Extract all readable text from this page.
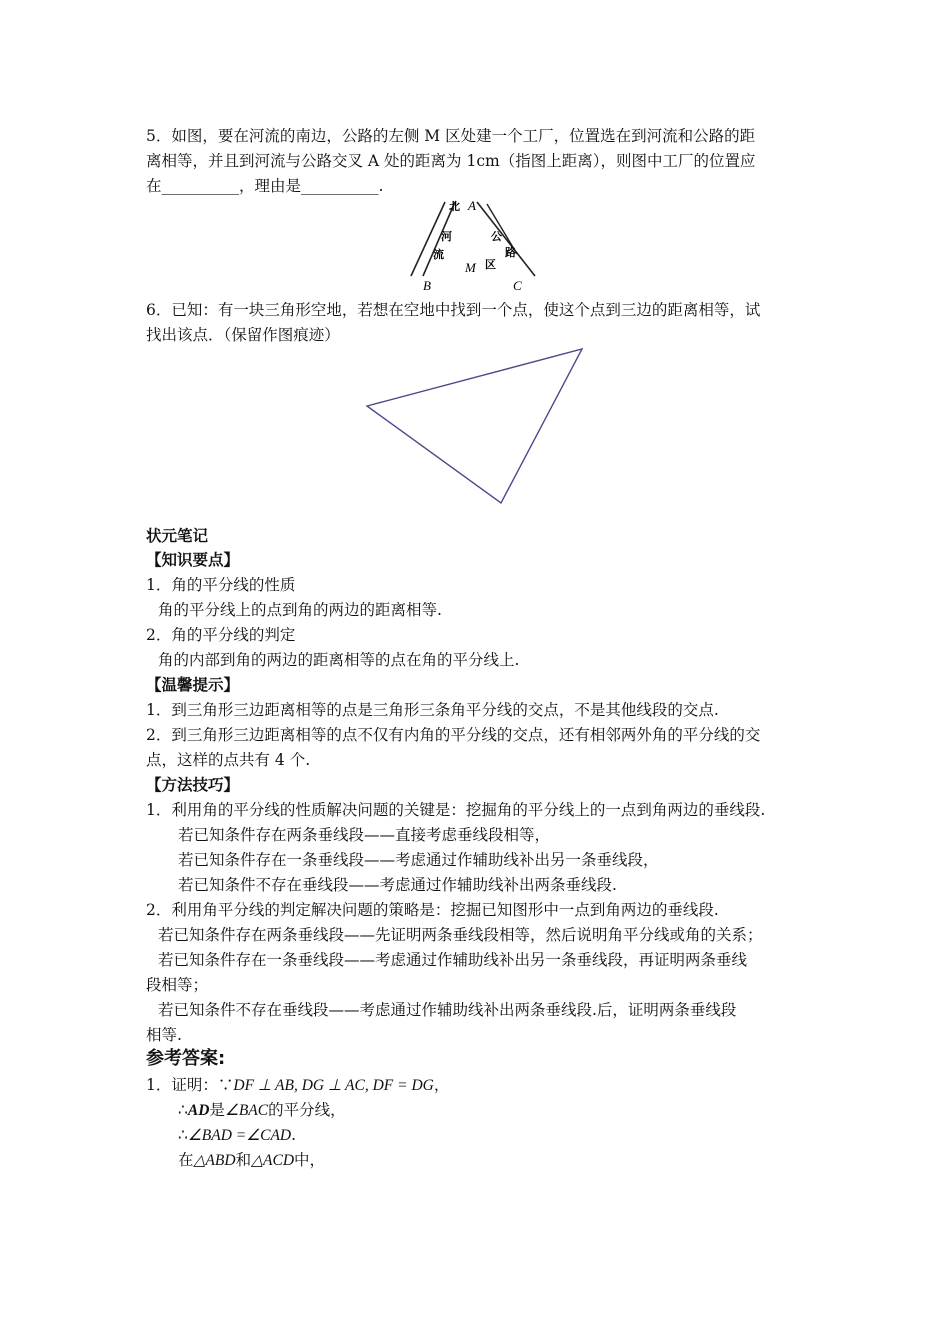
5．如图，要在河流的南边，公路的左侧 M 区处建一个工厂，位置选在到河流和公路的距
离相等，并且到河流与公路交叉 A 处的距离为 1cm（指图上距离），则图中工厂的位置应
在__________，理由是__________.
北 A
河
流
公
路
M 区
B	C
6．已知：有一块三角形空地，若想在空地中找到一个点，使这个点到三边的距离相等，试
找出该点．（保留作图痕迹）
状元笔记
【知识要点】
1．角的平分线的性质
角的平分线上的点到角的两边的距离相等.
2．角的平分线的判定
角的内部到角的两边的距离相等的点在角的平分线上.
【温馨提示】
1．到三角形三边距离相等的点是三角形三条角平分线的交点，不是其他线段的交点.
2．到三角形三边距离相等的点不仅有内角的平分线的交点，还有相邻两外角的平分线的交
点，这样的点共有 4 个.
【方法技巧】
1．利用角的平分线的性质解决问题的关键是：挖掘角的平分线上的一点到角两边的垂线段.
若已知条件存在两条垂线段——直接考虑垂线段相等，
若已知条件存在一条垂线段——考虑通过作辅助线补出另一条垂线段，
若已知条件不存在垂线段——考虑通过作辅助线补出两条垂线段.
2．利用角平分线的判定解决问题的策略是：挖掘已知图形中一点到角两边的垂线段.
若已知条件存在两条垂线段——先证明两条垂线段相等，然后说明角平分线或角的关系；
若已知条件存在一条垂线段——考虑通过作辅助线补出另一条垂线段，再证明两条垂线
段相等；
若已知条件不存在垂线段——考虑通过作辅助线补出两条垂线段.后，证明两条垂线段
相等.
参考答案:
1．证明：∵DF ⊥ AB, DG ⊥ AC, DF = DG，
∴AD是∠BAC的平分线，
∴∠BAD =∠CAD.
在△ABD和△ACD中，
